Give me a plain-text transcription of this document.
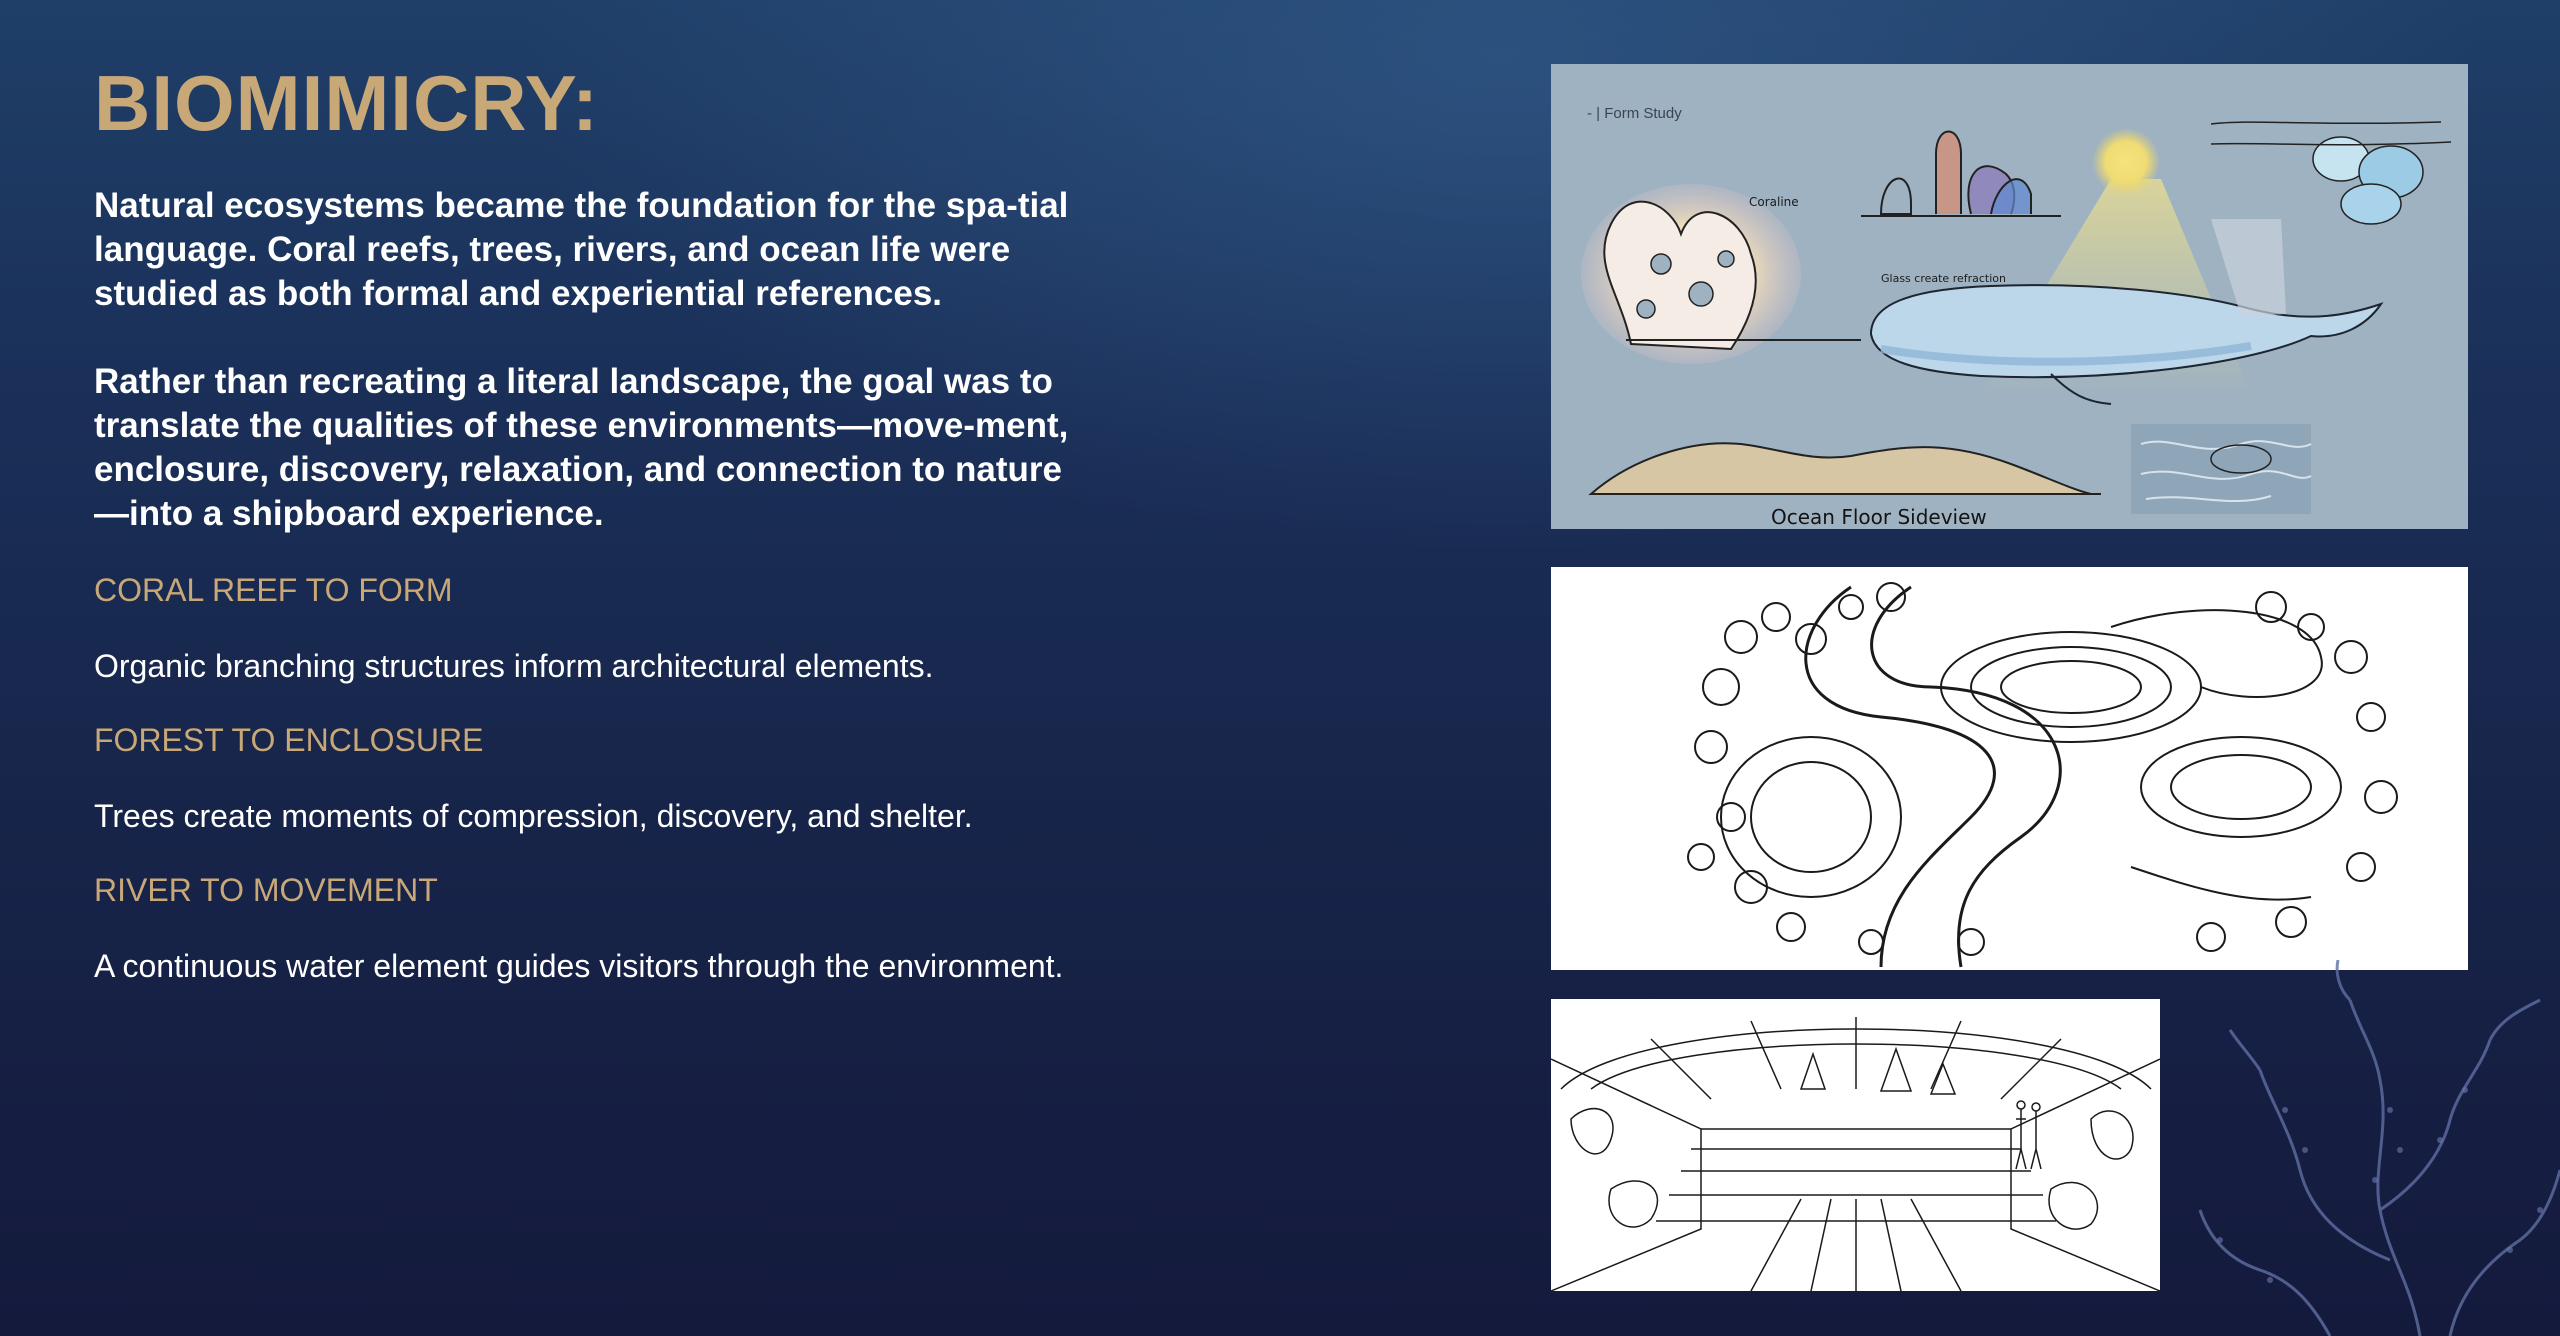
BIOMIMICRY:

Natural ecosystems became the foundation for the spa-tial language. Coral reefs, trees, rivers, and ocean life were studied as both formal and experiential references.

Rather than recreating a literal landscape, the goal was to translate the qualities of these environments—move-ment, enclosure, discovery, relaxation, and connection to nature—into a shipboard experience.

CORAL REEF TO FORM

Organic branching structures inform architectural elements.

FOREST TO ENCLOSURE

Trees create moments of compression, discovery, and shelter.

RIVER TO MOVEMENT

A continuous water element guides visitors through the environment.

- | Form Study
Coraline
Glass create refraction
Ocean Floor Sideview
